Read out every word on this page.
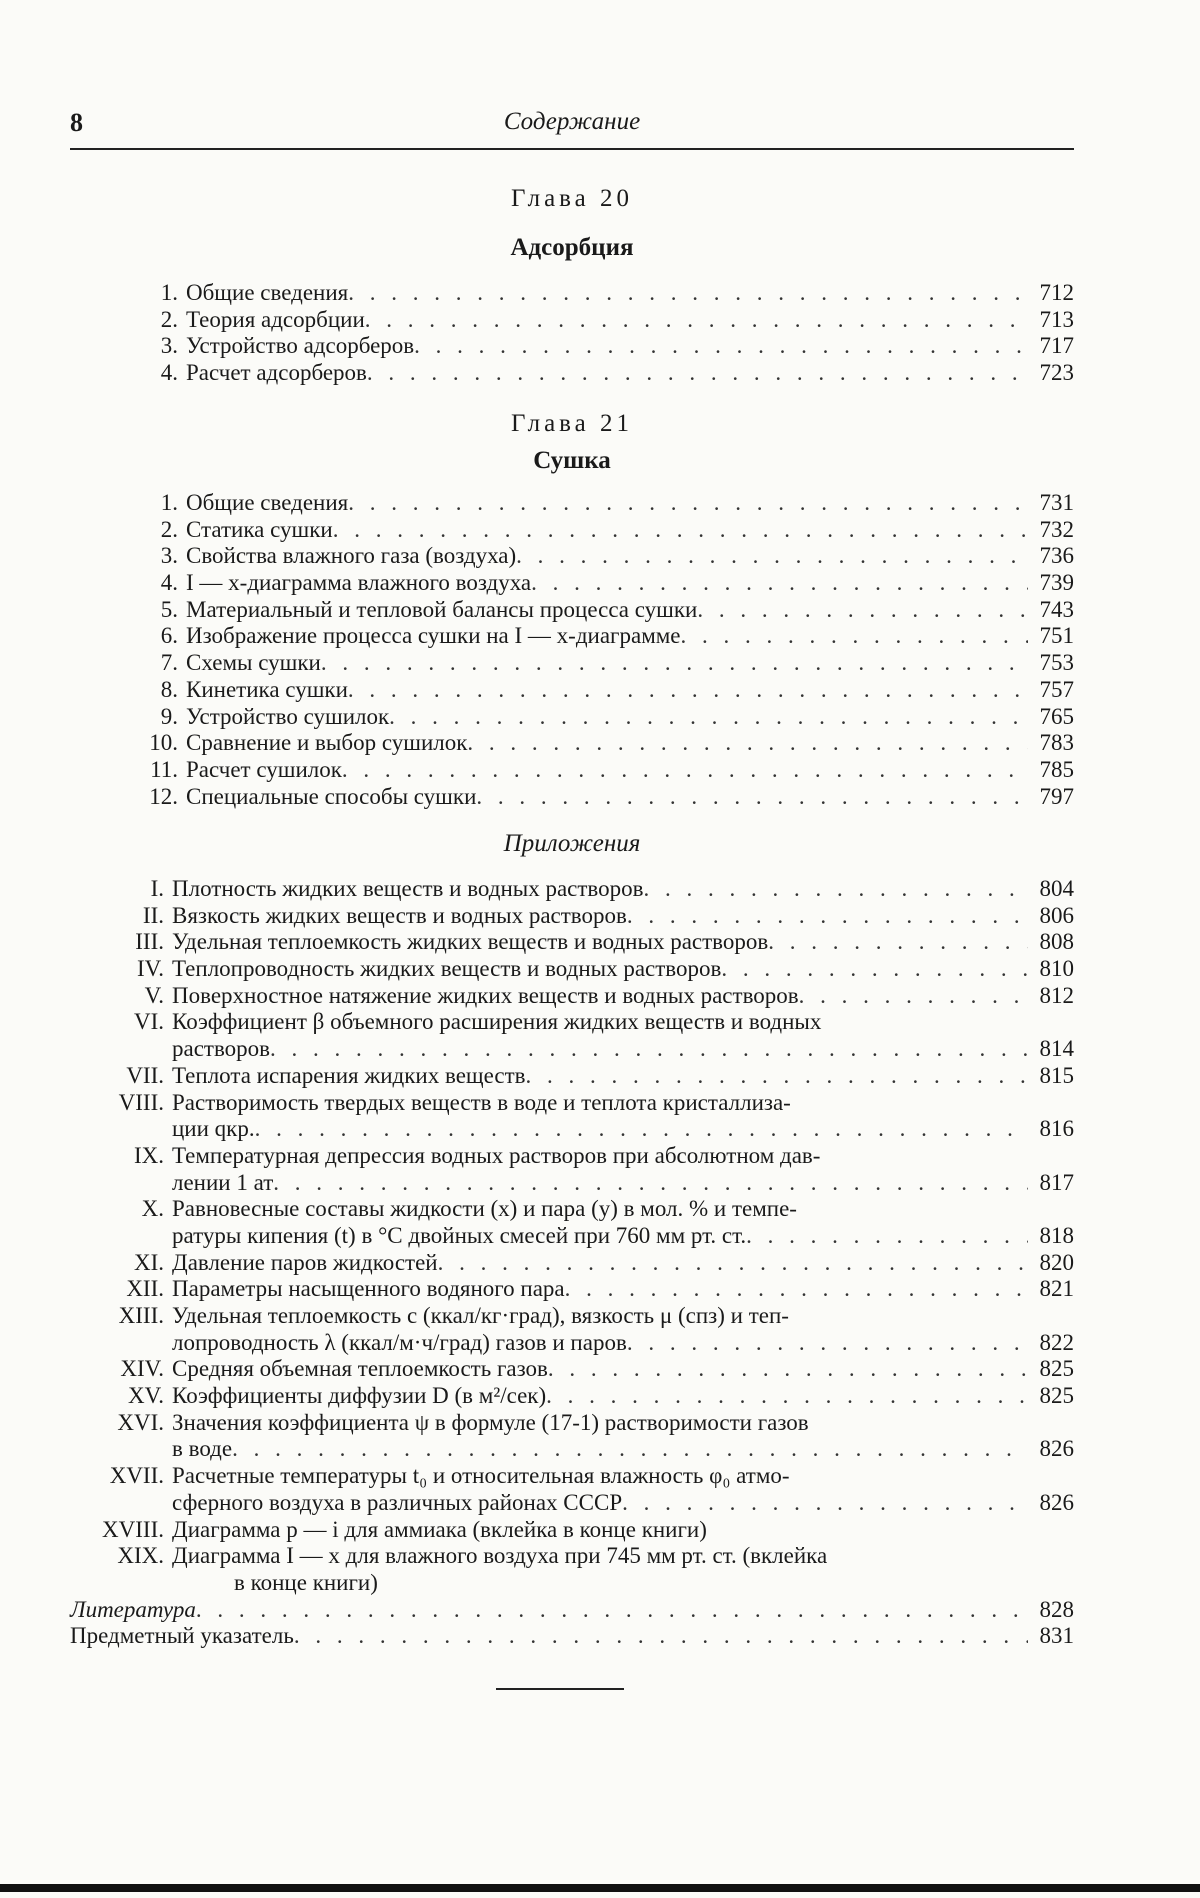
8	Содержание
Глава 20
Адсорбция
1. Общие сведения . . .	712
2. Теория адсорбции . . .	713
3. Устройство адсорберов . . .	717
4. Расчет адсорберов . . .	723
Глава 21
Сушка
1. Общие сведения . . .	731
2. Статика сушки . . .	732
3. Свойства влажного газа (воздуха) . . .	736
4. I — x-диаграмма влажного воздуха . . .	739
5. Материальный и тепловой балансы процесса сушки . . .	743
6. Изображение процесса сушки на I — x-диаграмме . . .	751
7. Схемы сушки . . .	753
8. Кинетика сушки . . .	757
9. Устройство сушилок . . .	765
10. Сравнение и выбор сушилок . . .	783
11. Расчет сушилок . . .	785
12. Специальные способы сушки . . .	797
Приложения
I. Плотность жидких веществ и водных растворов . . .	804
II. Вязкость жидких веществ и водных растворов . . .	806
III. Удельная теплоемкость жидких веществ и водных растворов . . .	808
IV. Теплопроводность жидких веществ и водных растворов . . .	810
V. Поверхностное натяжение жидких веществ и водных растворов . . .	812
VI. Коэффициент β объемного расширения жидких веществ и водных
растворов . . .	814
VII. Теплота испарения жидких веществ . . .	815
VIII. Растворимость твердых веществ в воде и теплота кристаллиза-
ции qкр. . . .	816
IX. Температурная депрессия водных растворов при абсолютном дав-
лении 1 ат . . .	817
X. Равновесные составы жидкости (x) и пара (y) в мол. % и темпе-
ратуры кипения (t) в °C двойных смесей при 760 мм рт. ст. . . .	818
XI. Давление паров жидкостей . . .	820
XII. Параметры насыщенного водяного пара . . .	821
XIII. Удельная теплоемкость c (ккал/кг·град), вязкость μ (спз) и теп-
лопроводность λ (ккал/м·ч/град) газов и паров . . .	822
XIV. Средняя объемная теплоемкость газов . . .	825
XV. Коэффициенты диффузии D (в м²/сек) . . .	825
XVI. Значения коэффициента ψ в формуле (17-1) растворимости газов
в воде . . .	826
XVII. Расчетные температуры t₀ и относительная влажность φ₀ атмо-
сферного воздуха в различных районах СССР . . .	826
XVIII. Диаграмма p — i для аммиака (вклейка в конце книги)
XIX. Диаграмма I — x для влажного воздуха при 745 мм рт. ст. (вклейка
в конце книги)
Литература . . .	828
Предметный указатель . . .	831
